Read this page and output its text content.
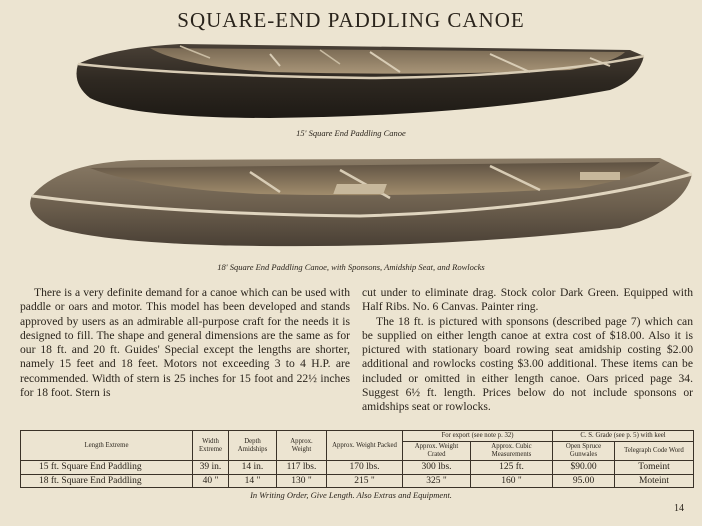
SQUARE-END PADDLING CANOE
15' Square End Paddling Canoe
18' Square End Paddling Canoe, with Sponsons, Amidship Seat, and Rowlocks
There is a very definite demand for a canoe which can be used with paddle or oars and motor. This model has been developed and stands approved by users as an admirable all-purpose craft for the needs it is designed to fill. The shape and general dimensions are the same as for our 18 ft. and 20 ft. Guides' Special except the lengths are shorter, namely 15 feet and 18 feet. Motors not exceeding 3 to 4 H.P. are recommended. Width of stern is 25 inches for 15 foot and 22½ inches for 18 foot. Stern is

cut under to eliminate drag. Stock color Dark Green. Equipped with Half Ribs. No. 6 Canvas. Painter ring.

The 18 ft. is pictured with sponsons (described page 7) which can be supplied on either length canoe at extra cost of $18.00. Also it is pictured with stationary board rowing seat amidship costing $2.00 additional and rowlocks costing $3.00 additional. These items can be included or omitted in either length canoe. Oars priced page 34. Suggest 6½ ft. length. Prices below do not include sponsons or amidships seat or rowlocks.

Length Extreme	Width Extreme	Depth Amidships	Approx. Weight	Approx. Weight Packed	For export (see note p. 32)		C. S. Grade (see p. 5) with keel	
					Approx. Weight Crated	Approx. Cubic Measurements	Open Spruce Gunwales	Telegraph Code Word
15 ft. Square End Paddling	39 in.	14 in.	117 lbs.	170 lbs.	300 lbs.	125 ft.	$90.00	Tomeint
18 ft. Square End Paddling	40 "	14 "	130 "	215 "	325 "	160 "	95.00	Moteint
In Writing Order, Give Length. Also Extras and Equipment.
14
